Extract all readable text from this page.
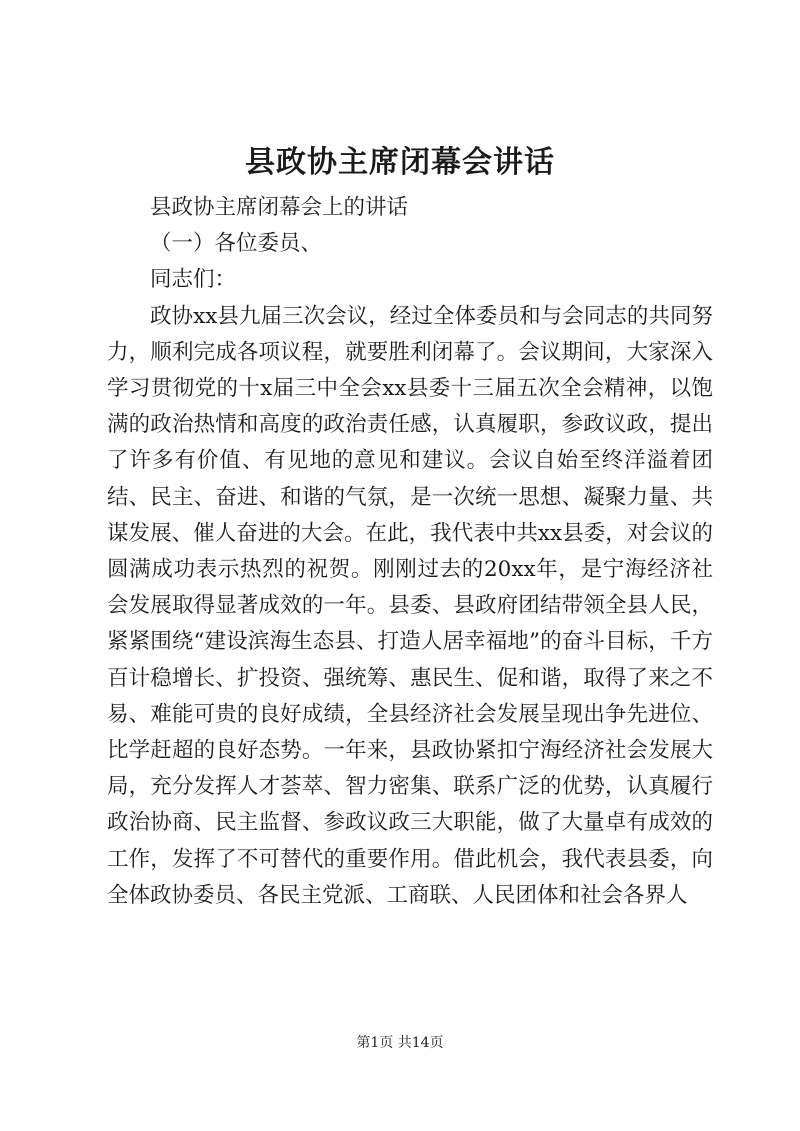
县政协主席闭幕会讲话

县政协主席闭幕会上的讲话

（一）各位委员、

同志们：

政协xx县九届三次会议，经过全体委员和与会同志的共同努力，顺利完成各项议程，就要胜利闭幕了。会议期间，大家深入学习贯彻党的十x届三中全会xx县委十三届五次全会精神，以饱满的政治热情和高度的政治责任感，认真履职，参政议政，提出了许多有价值、有见地的意见和建议。会议自始至终洋溢着团结、民主、奋进、和谐的气氛，是一次统一思想、凝聚力量、共谋发展、催人奋进的大会。在此，我代表中共xx县委，对会议的圆满成功表示热烈的祝贺。刚刚过去的20xx年，是宁海经济社会发展取得显著成效的一年。县委、县政府团结带领全县人民，紧紧围绕“建设滨海生态县、打造人居幸福地”的奋斗目标，千方百计稳增长、扩投资、强统筹、惠民生、促和谐，取得了来之不易、难能可贵的良好成绩，全县经济社会发展呈现出争先进位、比学赶超的良好态势。一年来，县政协紧扣宁海经济社会发展大局，充分发挥人才荟萃、智力密集、联系广泛的优势，认真履行政治协商、民主监督、参政议政三大职能，做了大量卓有成效的工作，发挥了不可替代的重要作用。借此机会，我代表县委，向全体政协委员、各民主党派、工商联、人民团体和社会各界人

第1页 共14页
